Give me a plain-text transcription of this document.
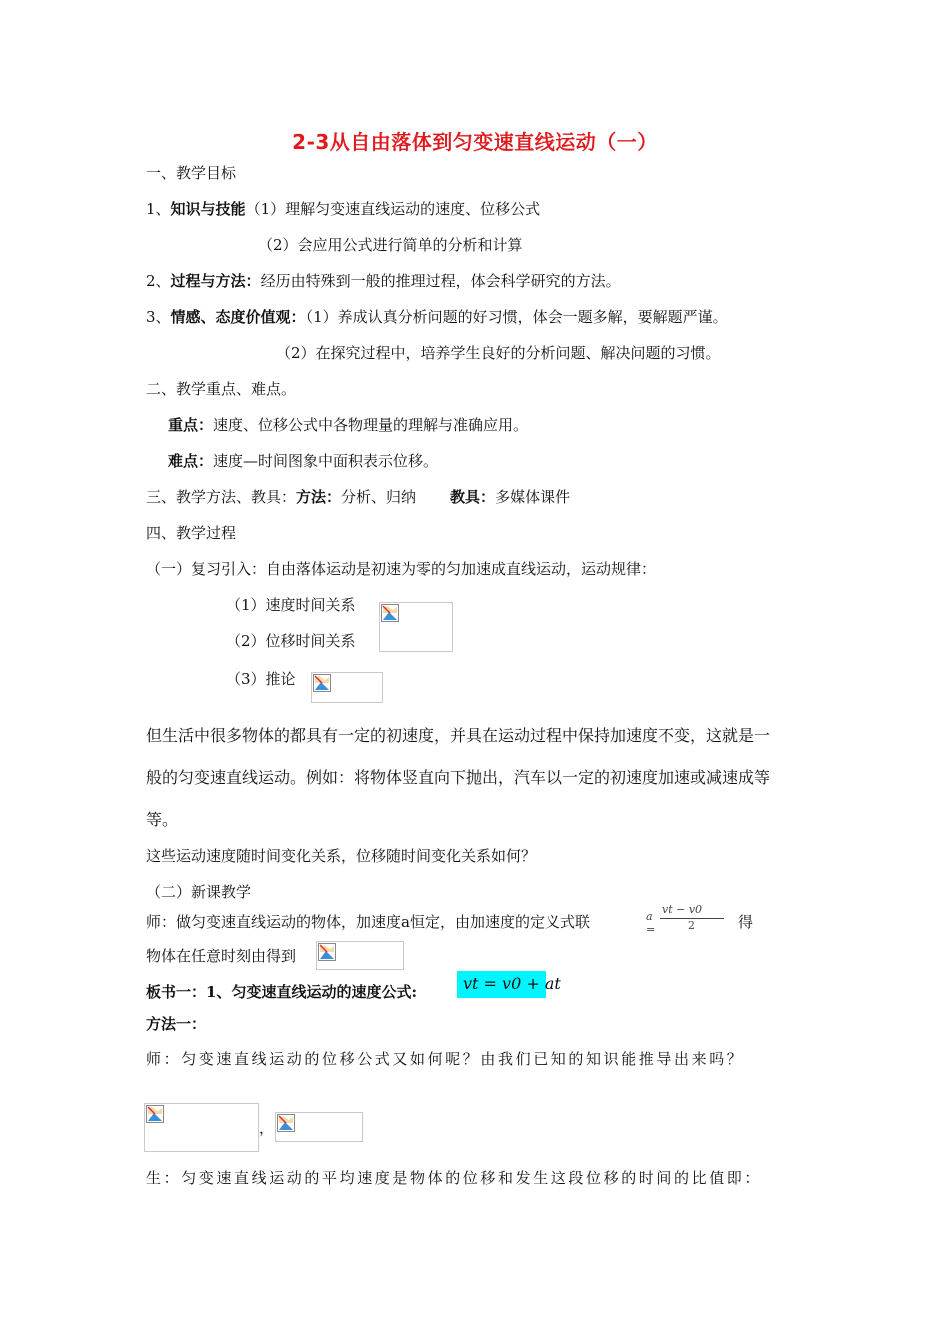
2-3从自由落体到匀变速直线运动（一）
一、教学目标
1、知识与技能（1）理解匀变速直线运动的速度、位移公式
（2）会应用公式进行简单的分析和计算
2、过程与方法：经历由特殊到一般的推理过程，体会科学研究的方法。
3、情感、态度价值观：（1）养成认真分析问题的好习惯，体会一题多解，要解题严谨。
（2）在探究过程中，培养学生良好的分析问题、解决问题的习惯。
二、教学重点、难点。
重点：速度、位移公式中各物理量的理解与准确应用。
难点：速度—时间图象中面积表示位移。
三、教学方法、教具：方法：分析、归纳 教具：多媒体课件
四、教学过程
（一）复习引入：自由落体运动是初速为零的匀加速成直线运动，运动规律：
（1）速度时间关系
（2）位移时间关系
（3）推论
但生活中很多物体的都具有一定的初速度，并具在运动过程中保持加速度不变，这就是一
般的匀变速直线运动。例如：将物体竖直向下抛出，汽车以一定的初速度加速或减速成等
等。
这些运动速度随时间变化关系，位移随时间变化关系如何？
（二）新课教学
师：做匀变速直线运动的物体，加速度a恒定，由加速度的定义式联	a =
vt − v0
2	得
物体在任意时刻由得到
板书一：1、匀变速直线运动的速度公式:	vt = v0 + at
方法一：
师：匀变速直线运动的位移公式又如何呢？由我们已知的知识能推导出来吗？
，
生：匀变速直线运动的平均速度是物体的位移和发生这段位移的时间的比值即：
